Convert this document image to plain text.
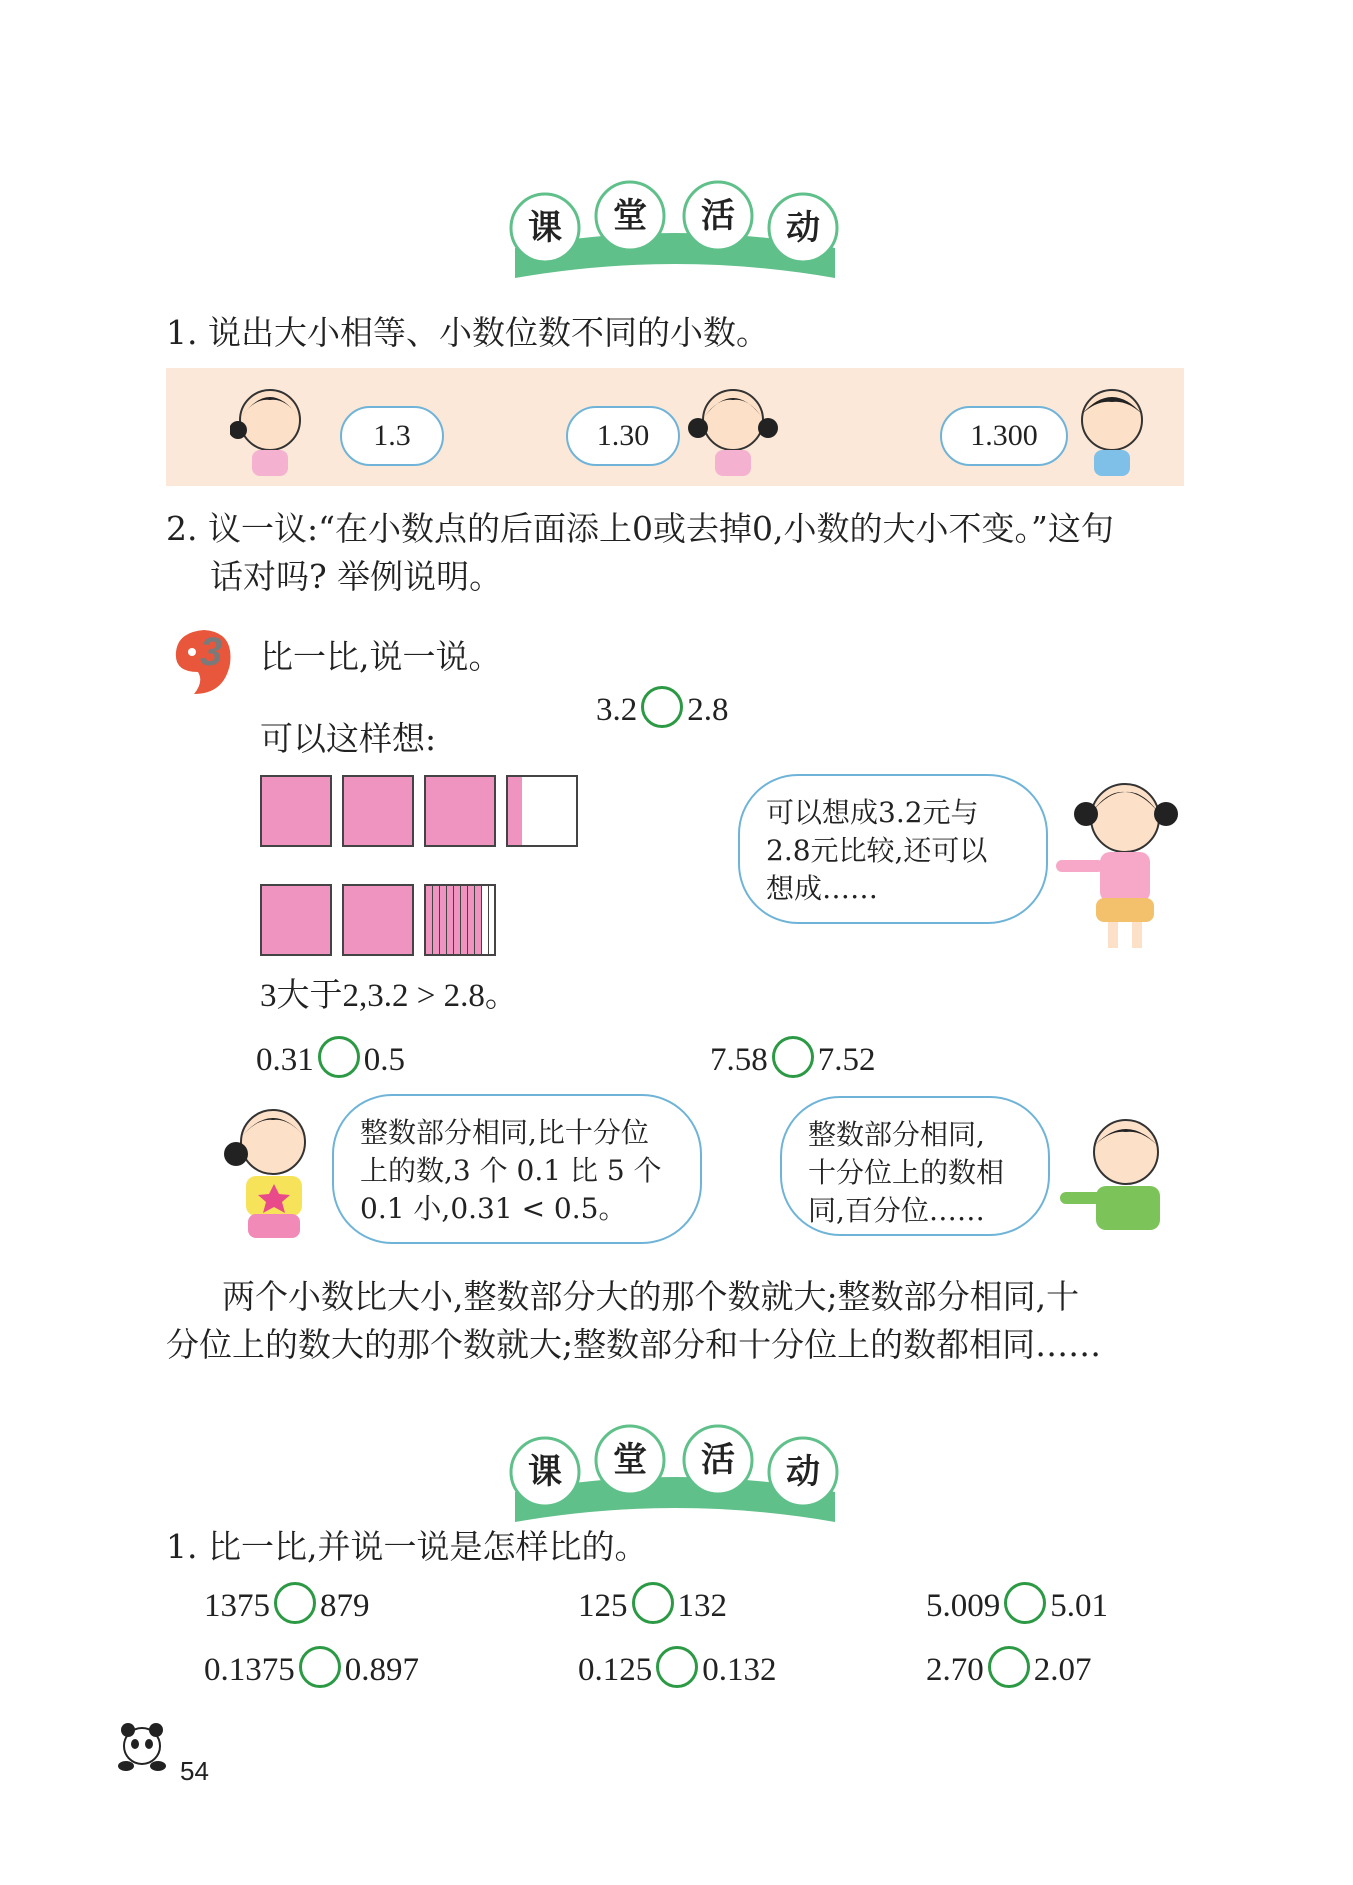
课	堂	活	动
1. 说出大小相等、小数位数不同的小数。
1.3	1.30	1.300
2. 议一议:“在小数点的后面添上0或去掉0,小数的大小不变。”这句
话对吗? 举例说明。
3 比一比,说一说。
3.2 2.8
可以这样想:
可以想成3.2元与
2.8元比较,还可以
想成……
3大于2,3.2 > 2.8。
0.31 0.5	7.58 7.52
整数部分相同,比十分位
上的数,3 个 0.1 比 5 个
0.1 小,0.31 < 0.5。
整数部分相同,
十分位上的数相
同,百分位……
两个小数比大小,整数部分大的那个数就大;整数部分相同,十
分位上的数大的那个数就大;整数部分和十分位上的数都相同……
课	堂	活	动
1. 比一比,并说一说是怎样比的。
1375 879	125 132	5.009 5.01
0.1375 0.897	0.125 0.132	2.70 2.07
54
